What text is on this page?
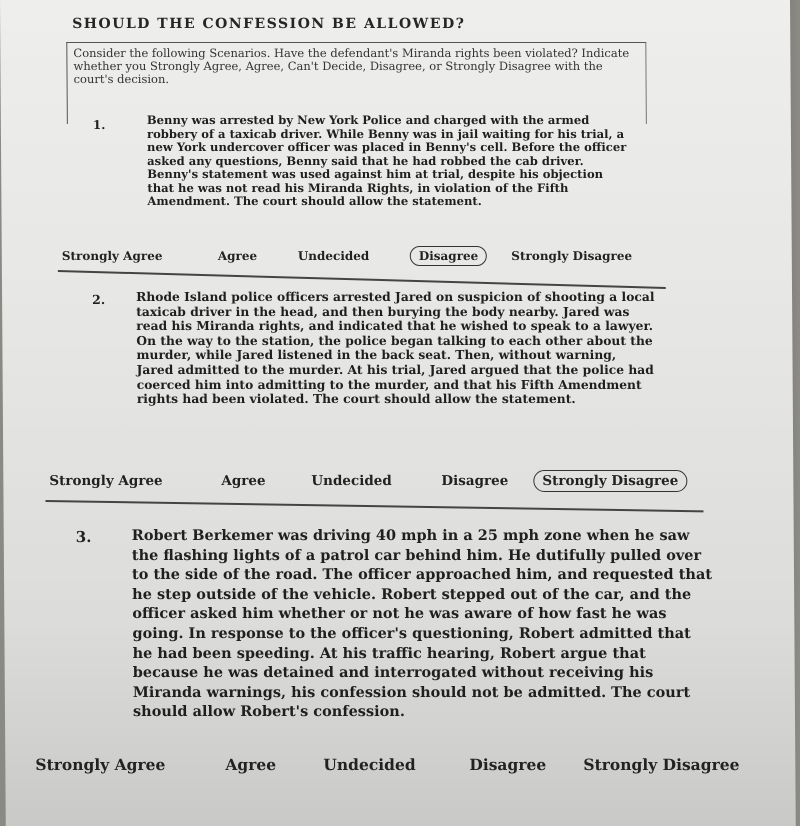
SHOULD THE CONFESSION BE ALLOWED?
Consider the following Scenarios. Have the defendant's Miranda rights been violated? Indicate whether you Strongly Agree, Agree, Can't Decide, Disagree, or Strongly Disagree with the court's decision.
1.	Benny was arrested by New York Police and charged with the armed robbery of a taxicab driver. While Benny was in jail waiting for his trial, a new York undercover officer was placed in Benny's cell. Before the officer asked any questions, Benny said that he had robbed the cab driver. Benny's statement was used against him at trial, despite his objection that he was not read his Miranda Rights, in violation of the Fifth Amendment. The court should allow the statement.
Strongly Agree	Agree	Undecided	Disagree	Strongly Disagree
2.	Rhode Island police officers arrested Jared on suspicion of shooting a local taxicab driver in the head, and then burying the body nearby. Jared was read his Miranda rights, and indicated that he wished to speak to a lawyer. On the way to the station, the police began talking to each other about the murder, while Jared listened in the back seat. Then, without warning, Jared admitted to the murder. At his trial, Jared argued that the police had coerced him into admitting to the murder, and that his Fifth Amendment rights had been violated. The court should allow the statement.
Strongly Agree	Agree	Undecided	Disagree	Strongly Disagree
3.	Robert Berkemer was driving 40 mph in a 25 mph zone when he saw the flashing lights of a patrol car behind him. He dutifully pulled over to the side of the road. The officer approached him, and requested that he step outside of the vehicle. Robert stepped out of the car, and the officer asked him whether or not he was aware of how fast he was going. In response to the officer's questioning, Robert admitted that he had been speeding. At his traffic hearing, Robert argue that because he was detained and interrogated without receiving his Miranda warnings, his confession should not be admitted. The court should allow Robert's confession.
Strongly Agree	Agree	Undecided	Disagree	Strongly Disagree
